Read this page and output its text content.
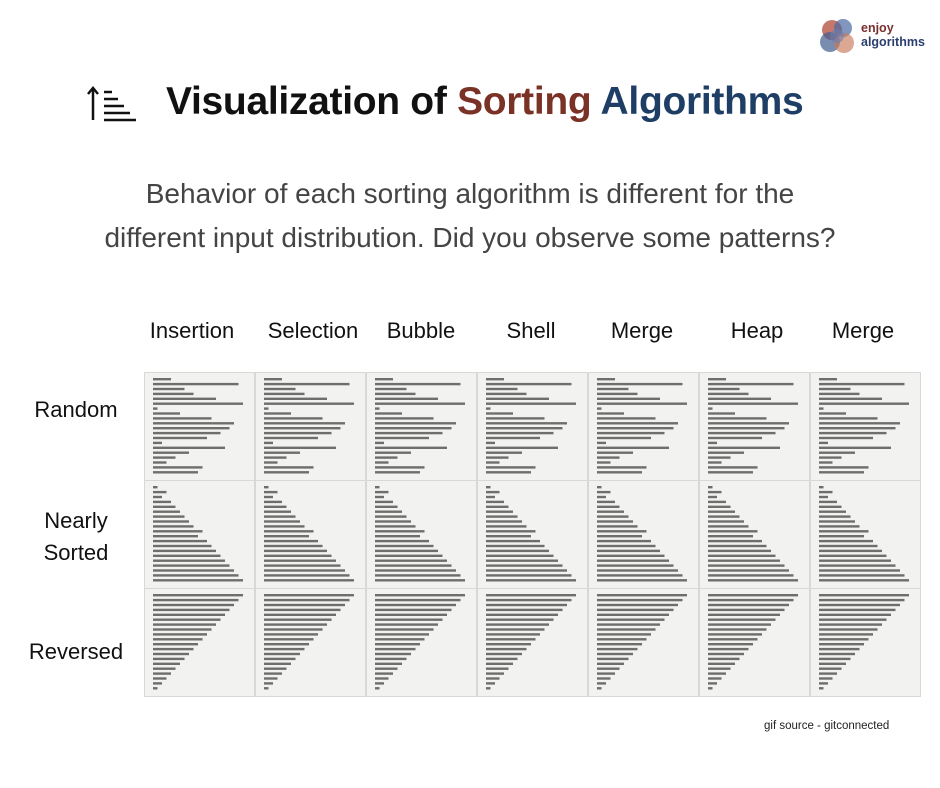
enjoy
algorithms
Visualization of Sorting Algorithms
Behavior of each sorting algorithm is different for the
different input distribution. Did you observe some patterns?
Insertion	Selection	Bubble	Shell	Merge	Heap	Merge
Random
Nearly
Sorted
Reversed
gif source - gitconnected
